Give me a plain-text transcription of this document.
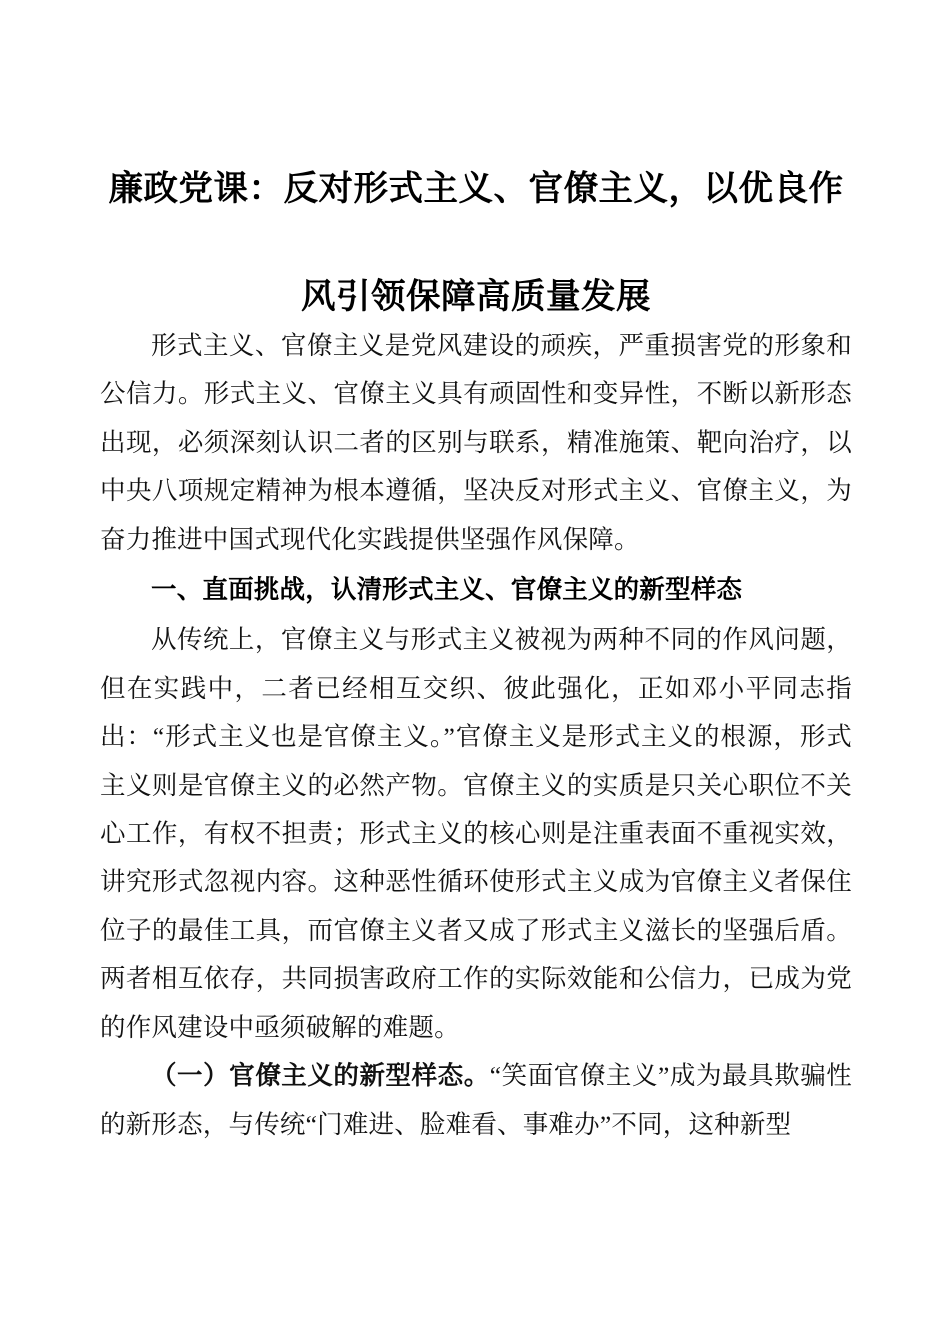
廉政党课：反对形式主义、官僚主义，以优良作风引领保障高质量发展

形式主义、官僚主义是党风建设的顽疾，严重损害党的形象和公信力。形式主义、官僚主义具有顽固性和变异性，不断以新形态出现，必须深刻认识二者的区别与联系，精准施策、靶向治疗，以中央八项规定精神为根本遵循，坚决反对形式主义、官僚主义，为奋力推进中国式现代化实践提供坚强作风保障。

一、直面挑战，认清形式主义、官僚主义的新型样态

从传统上，官僚主义与形式主义被视为两种不同的作风问题，但在实践中，二者已经相互交织、彼此强化，正如邓小平同志指出：“形式主义也是官僚主义。”官僚主义是形式主义的根源，形式主义则是官僚主义的必然产物。官僚主义的实质是只关心职位不关心工作，有权不担责；形式主义的核心则是注重表面不重视实效，讲究形式忽视内容。这种恶性循环使形式主义成为官僚主义者保住位子的最佳工具，而官僚主义者又成了形式主义滋长的坚强后盾。两者相互依存，共同损害政府工作的实际效能和公信力，已成为党的作风建设中亟须破解的难题。

（一）官僚主义的新型样态。“笑面官僚主义”成为最具欺骗性的新形态，与传统“门难进、脸难看、事难办”不同，这种新型
